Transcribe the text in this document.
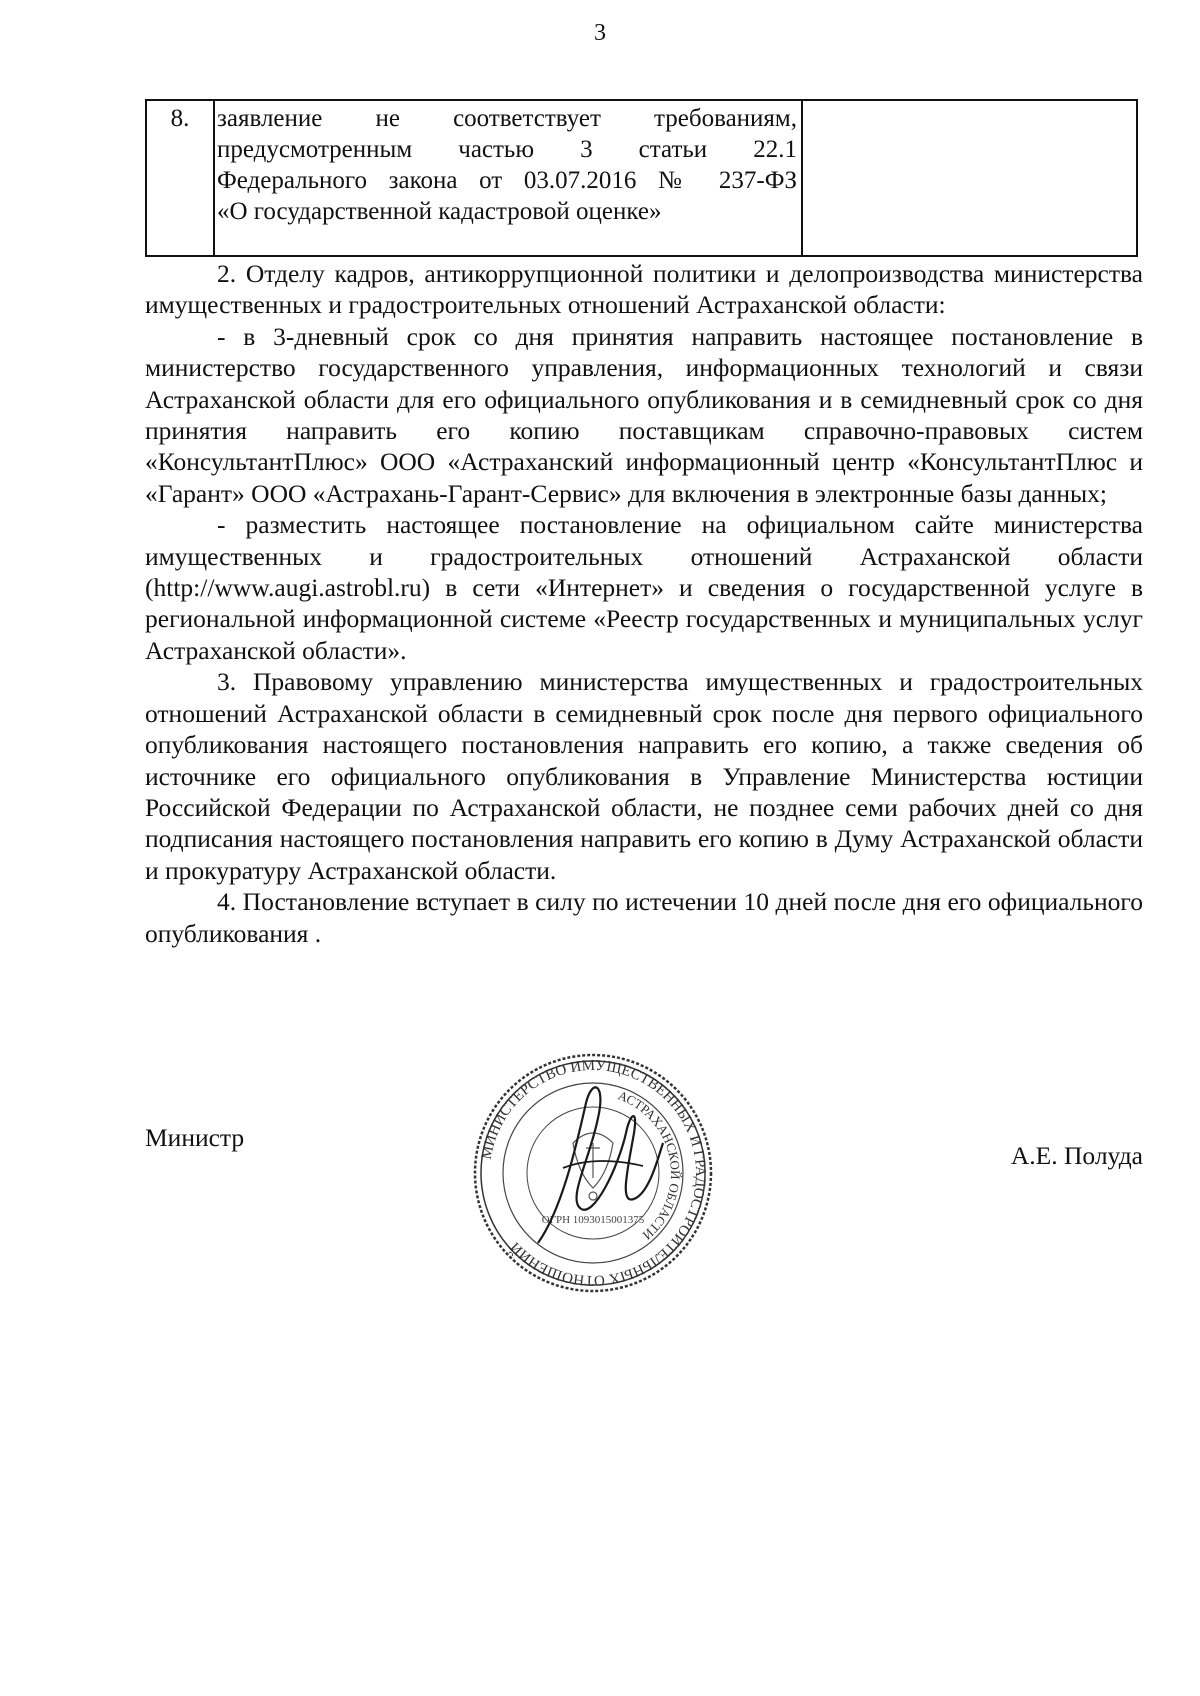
3
8.	заявление не соответствует требованиям,
предусмотренным частью 3 статьи 22.1
Федерального закона от 03.07.2016 № 237-ФЗ
«О государственной кадастровой оценке»

2. Отделу кадров, антикоррупционной политики и делопроизводства министерства имущественных и градостроительных отношений Астраханской области:

- в 3-дневный срок со дня принятия направить настоящее постановление в министерство государственного управления, информационных технологий и связи Астраханской области для его официального опубликования и в семидневный срок со дня принятия направить его копию поставщикам справочно-правовых систем «КонсультантПлюс» ООО «Астраханский информационный центр «КонсультантПлюс и «Гарант» ООО «Астрахань-Гарант-Сервис» для включения в электронные базы данных;

- разместить настоящее постановление на официальном сайте министерства имущественных и градостроительных отношений Астраханской области (http://www.augi.astrobl.ru) в сети «Интернет» и сведения о государственной услуге в региональной информационной системе «Реестр государственных и муниципальных услуг Астраханской области».

3. Правовому управлению министерства имущественных и градостроительных отношений Астраханской области в семидневный срок после дня первого официального опубликования настоящего постановления направить его копию, а также сведения об источнике его официального опубликования в Управление Министерства юстиции Российской Федерации по Астраханской области, не позднее семи рабочих дней со дня подписания настоящего постановления направить его копию в Думу Астраханской области и прокуратуру Астраханской области.

4. Постановление вступает в силу по истечении 10 дней после дня его официального опубликования .

Министр
А.Е. Полуда
МИНИСТЕРСТВО ИМУЩЕСТВЕННЫХ И ГРАДОСТРОИТЕЛЬНЫХ ОТНОШЕНИЙ
АСТРАХАНСКОЙ ОБЛАСТИ
ОГРН 1093015001375
